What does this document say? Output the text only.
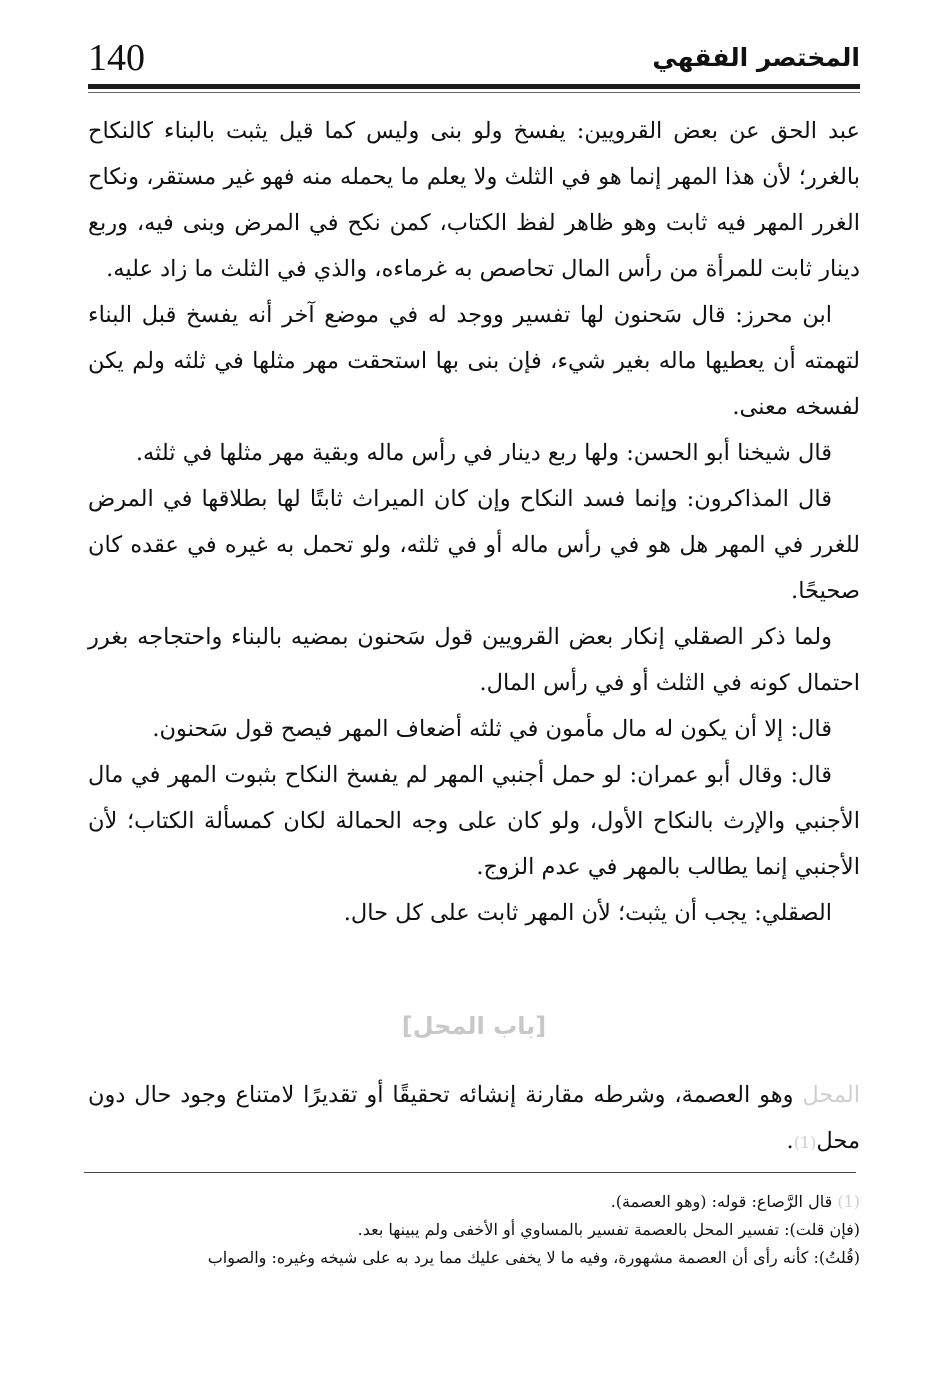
140	المختصر الفقهي

عبد الحق عن بعض القرويين: يفسخ ولو بنى وليس كما قيل يثبت بالبناء كالنكاح بالغرر؛ لأن هذا المهر إنما هو في الثلث ولا يعلم ما يحمله منه فهو غير مستقر، ونكاح الغرر المهر فيه ثابت وهو ظاهر لفظ الكتاب، كمن نكح في المرض وبنى فيه، وربع دينار ثابت للمرأة من رأس المال تحاصص به غرماءه، والذي في الثلث ما زاد عليه.

ابن محرز: قال سَحنون لها تفسير ووجد له في موضع آخر أنه يفسخ قبل البناء لتهمته أن يعطيها ماله بغير شيء، فإن بنى بها استحقت مهر مثلها في ثلثه ولم يكن لفسخه معنى.

قال شيخنا أبو الحسن: ولها ربع دينار في رأس ماله وبقية مهر مثلها في ثلثه.

قال المذاكرون: وإنما فسد النكاح وإن كان الميراث ثابتًا لها بطلاقها في المرض للغرر في المهر هل هو في رأس ماله أو في ثلثه، ولو تحمل به غيره في عقده كان صحيحًا.

ولما ذكر الصقلي إنكار بعض القرويين قول سَحنون بمضيه بالبناء واحتجاجه بغرر احتمال كونه في الثلث أو في رأس المال.

قال: إلا أن يكون له مال مأمون في ثلثه أضعاف المهر فيصح قول سَحنون.

قال: وقال أبو عمران: لو حمل أجنبي المهر لم يفسخ النكاح بثبوت المهر في مال الأجنبي والإرث بالنكاح الأول، ولو كان على وجه الحمالة لكان كمسألة الكتاب؛ لأن الأجنبي إنما يطالب بالمهر في عدم الزوج.

الصقلي: يجب أن يثبت؛ لأن المهر ثابت على كل حال.

[باب المحل]

المحل وهو العصمة، وشرطه مقارنة إنشائه تحقيقًا أو تقديرًا لامتناع وجود حال دون محل(1).

(1) قال الرَّصاع: قوله: (وهو العصمة).

(فإن قلت): تفسير المحل بالعصمة تفسير بالمساوي أو الأخفى ولم يبينها بعد.

(قُلتُ): كأنه رأى أن العصمة مشهورة، وفيه ما لا يخفى عليك مما يرد به على شيخه وغيره: والصواب
